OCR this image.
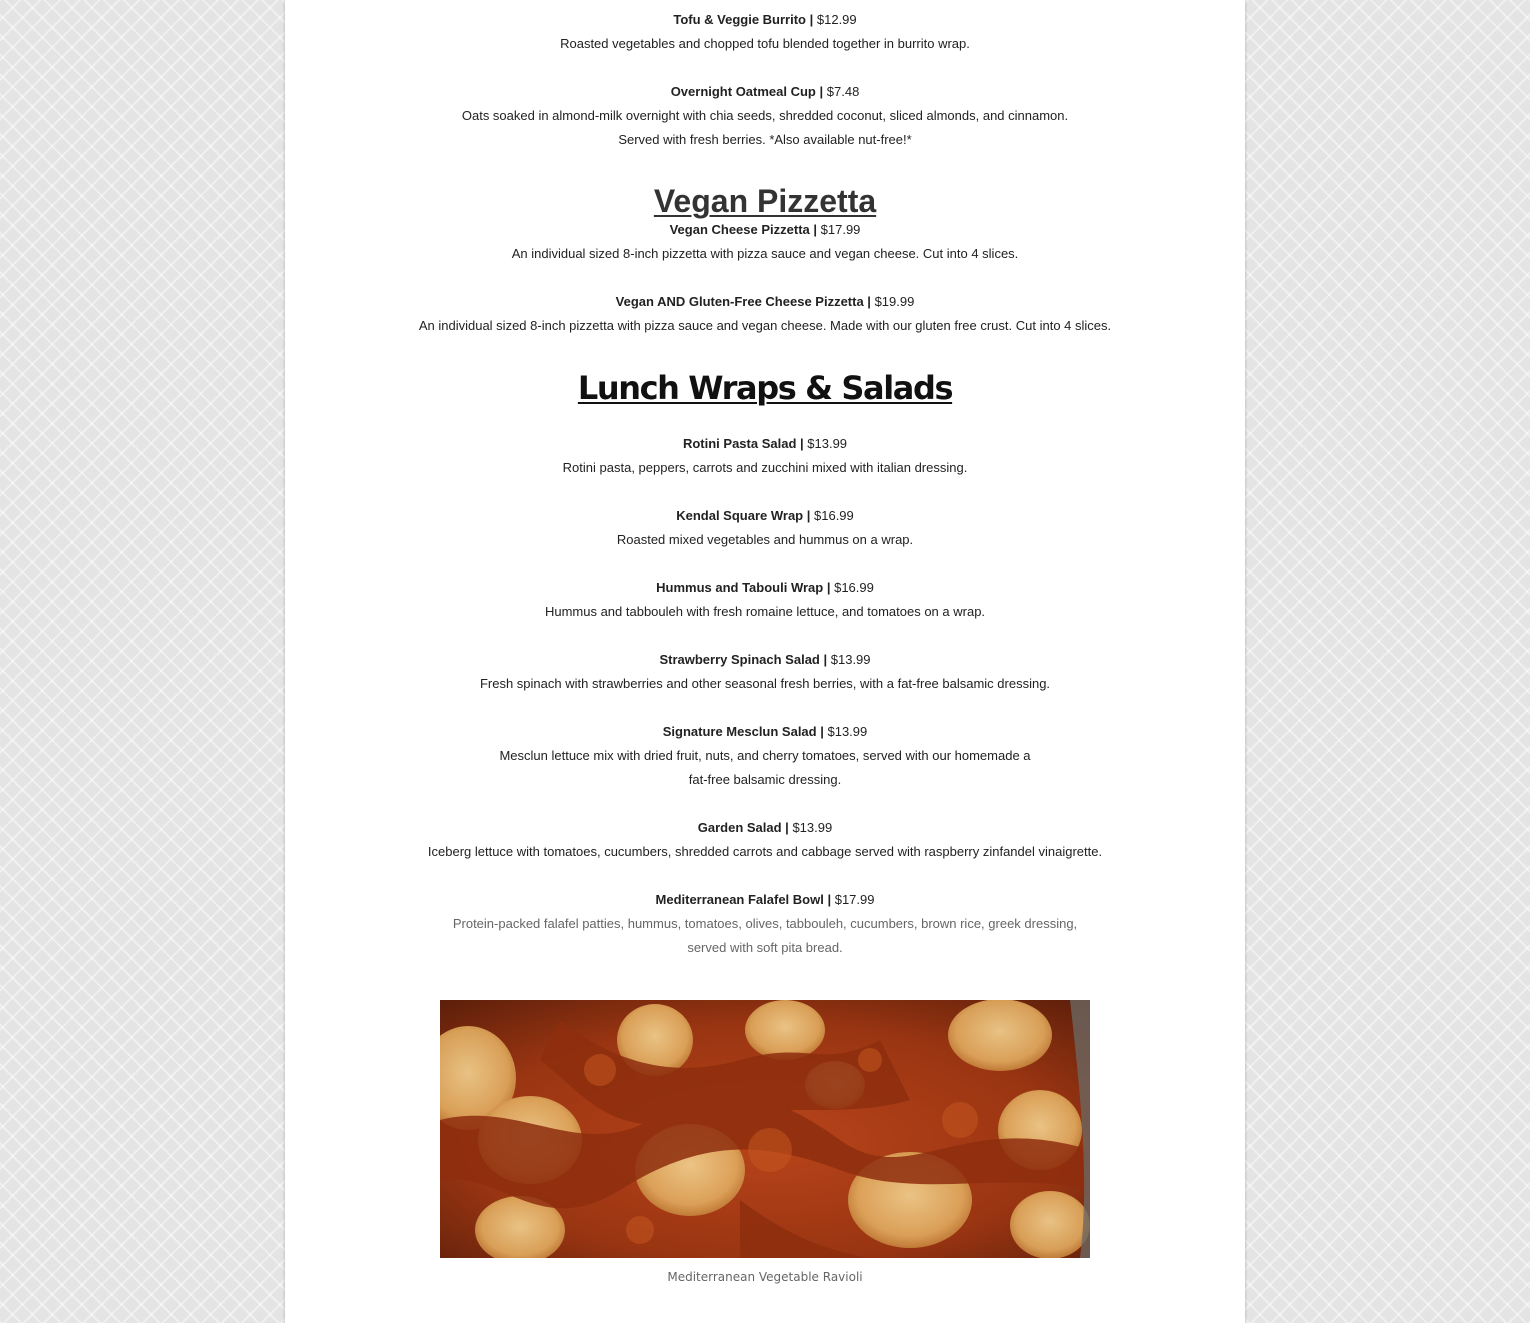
Tofu & Veggie Burrito | $12.99
Roasted vegetables and chopped tofu blended together in burrito wrap.
Overnight Oatmeal Cup | $7.48
Oats soaked in almond-milk overnight with chia seeds, shredded coconut, sliced almonds, and cinnamon.
Served with fresh berries. *Also available nut-free!*
Vegan Pizzetta
Vegan Cheese Pizzetta | $17.99
An individual sized 8-inch pizzetta with pizza sauce and vegan cheese. Cut into 4 slices.
Vegan AND Gluten-Free Cheese Pizzetta | $19.99
An individual sized 8-inch pizzetta with pizza sauce and vegan cheese. Made with our gluten free crust. Cut into 4 slices.
Lunch Wraps & Salads
Rotini Pasta Salad | $13.99
Rotini pasta, peppers, carrots and zucchini mixed with italian dressing.
Kendal Square Wrap | $16.99
Roasted mixed vegetables and hummus on a wrap.
Hummus and Tabouli Wrap | $16.99
Hummus and tabbouleh with fresh romaine lettuce, and tomatoes on a wrap.
Strawberry Spinach Salad | $13.99
Fresh spinach with strawberries and other seasonal fresh berries, with a fat-free balsamic dressing.
Signature Mesclun Salad | $13.99
Mesclun lettuce mix with dried fruit, nuts, and cherry tomatoes, served with our homemade a
fat-free balsamic dressing.
Garden Salad | $13.99
Iceberg lettuce with tomatoes, cucumbers, shredded carrots and cabbage served with raspberry zinfandel vinaigrette.
Mediterranean Falafel Bowl | $17.99
Protein-packed falafel patties, hummus, tomatoes, olives, tabbouleh, cucumbers, brown rice, greek dressing,
served with soft pita bread.
Mediterranean Vegetable Ravioli
